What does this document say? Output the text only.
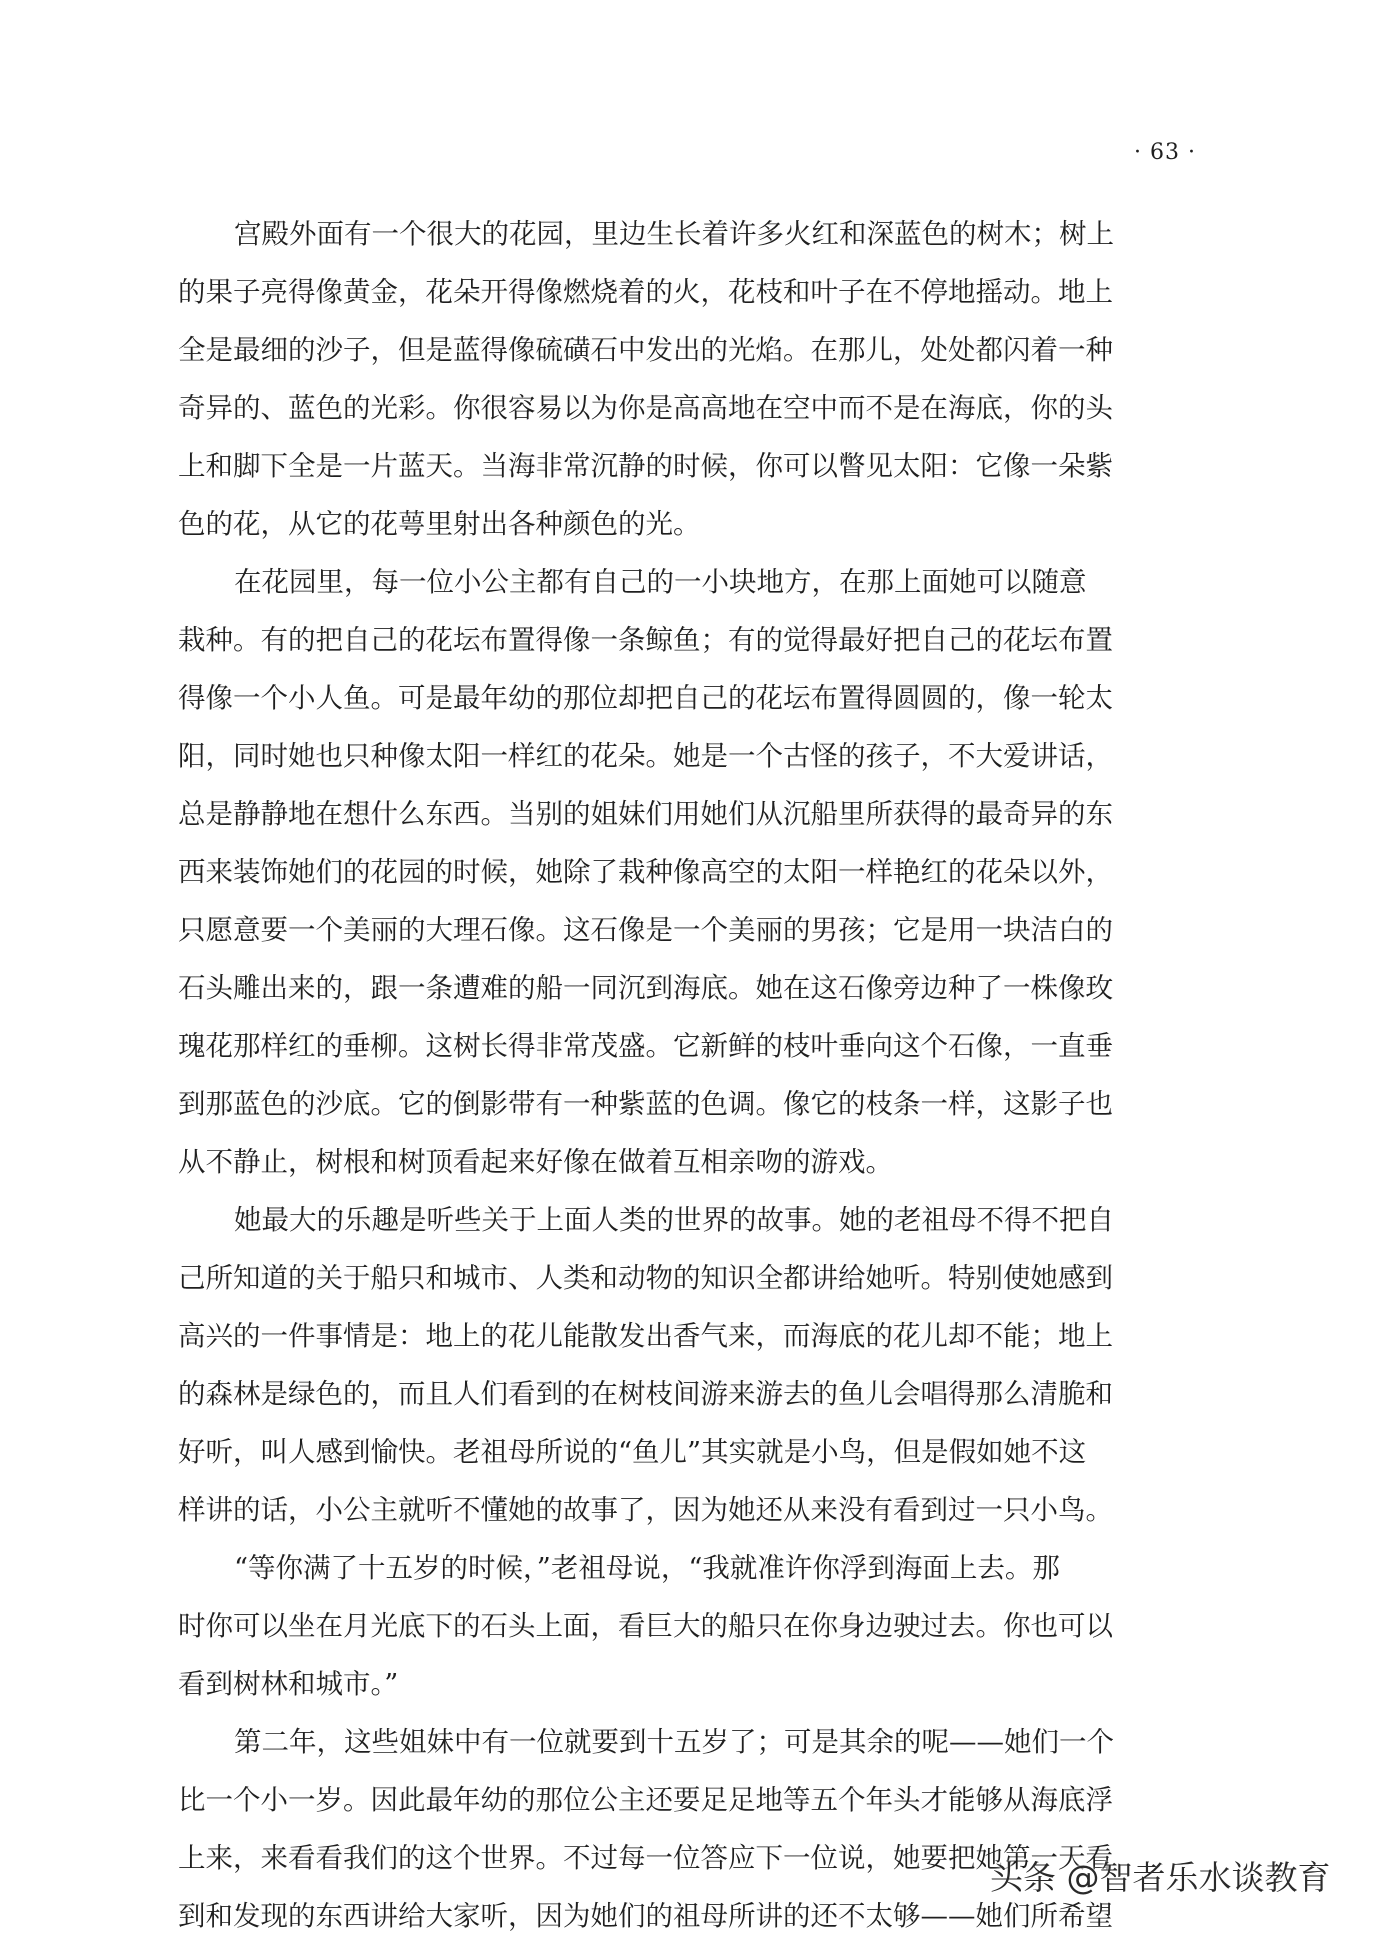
· 63 ·
宫殿外面有一个很大的花园，里边生长着许多火红和深蓝色的树木；树上
的果子亮得像黄金，花朵开得像燃烧着的火，花枝和叶子在不停地摇动。地上
全是最细的沙子，但是蓝得像硫磺石中发出的光焰。在那儿，处处都闪着一种
奇异的、蓝色的光彩。你很容易以为你是高高地在空中而不是在海底，你的头
上和脚下全是一片蓝天。当海非常沉静的时候，你可以瞥见太阳：它像一朵紫
色的花，从它的花萼里射出各种颜色的光。
在花园里，每一位小公主都有自己的一小块地方，在那上面她可以随意
栽种。有的把自己的花坛布置得像一条鲸鱼；有的觉得最好把自己的花坛布置
得像一个小人鱼。可是最年幼的那位却把自己的花坛布置得圆圆的，像一轮太
阳，同时她也只种像太阳一样红的花朵。她是一个古怪的孩子，不大爱讲话，
总是静静地在想什么东西。当别的姐妹们用她们从沉船里所获得的最奇异的东
西来装饰她们的花园的时候，她除了栽种像高空的太阳一样艳红的花朵以外，
只愿意要一个美丽的大理石像。这石像是一个美丽的男孩；它是用一块洁白的
石头雕出来的，跟一条遭难的船一同沉到海底。她在这石像旁边种了一株像玫
瑰花那样红的垂柳。这树长得非常茂盛。它新鲜的枝叶垂向这个石像，一直垂
到那蓝色的沙底。它的倒影带有一种紫蓝的色调。像它的枝条一样，这影子也
从不静止，树根和树顶看起来好像在做着互相亲吻的游戏。
她最大的乐趣是听些关于上面人类的世界的故事。她的老祖母不得不把自
己所知道的关于船只和城市、人类和动物的知识全都讲给她听。特别使她感到
高兴的一件事情是：地上的花儿能散发出香气来，而海底的花儿却不能；地上
的森林是绿色的，而且人们看到的在树枝间游来游去的鱼儿会唱得那么清脆和
好听，叫人感到愉快。老祖母所说的“鱼儿”其实就是小鸟，但是假如她不这
样讲的话，小公主就听不懂她的故事了，因为她还从来没有看到过一只小鸟。
“等你满了十五岁的时候，”老祖母说，“我就准许你浮到海面上去。那
时你可以坐在月光底下的石头上面，看巨大的船只在你身边驶过去。你也可以
看到树林和城市。”
第二年，这些姐妹中有一位就要到十五岁了；可是其余的呢——她们一个
比一个小一岁。因此最年幼的那位公主还要足足地等五个年头才能够从海底浮
上来，来看看我们的这个世界。不过每一位答应下一位说，她要把她第一天看
到和发现的东西讲给大家听，因为她们的祖母所讲的还不太够——她们所希望
头条 @智者乐水谈教育
